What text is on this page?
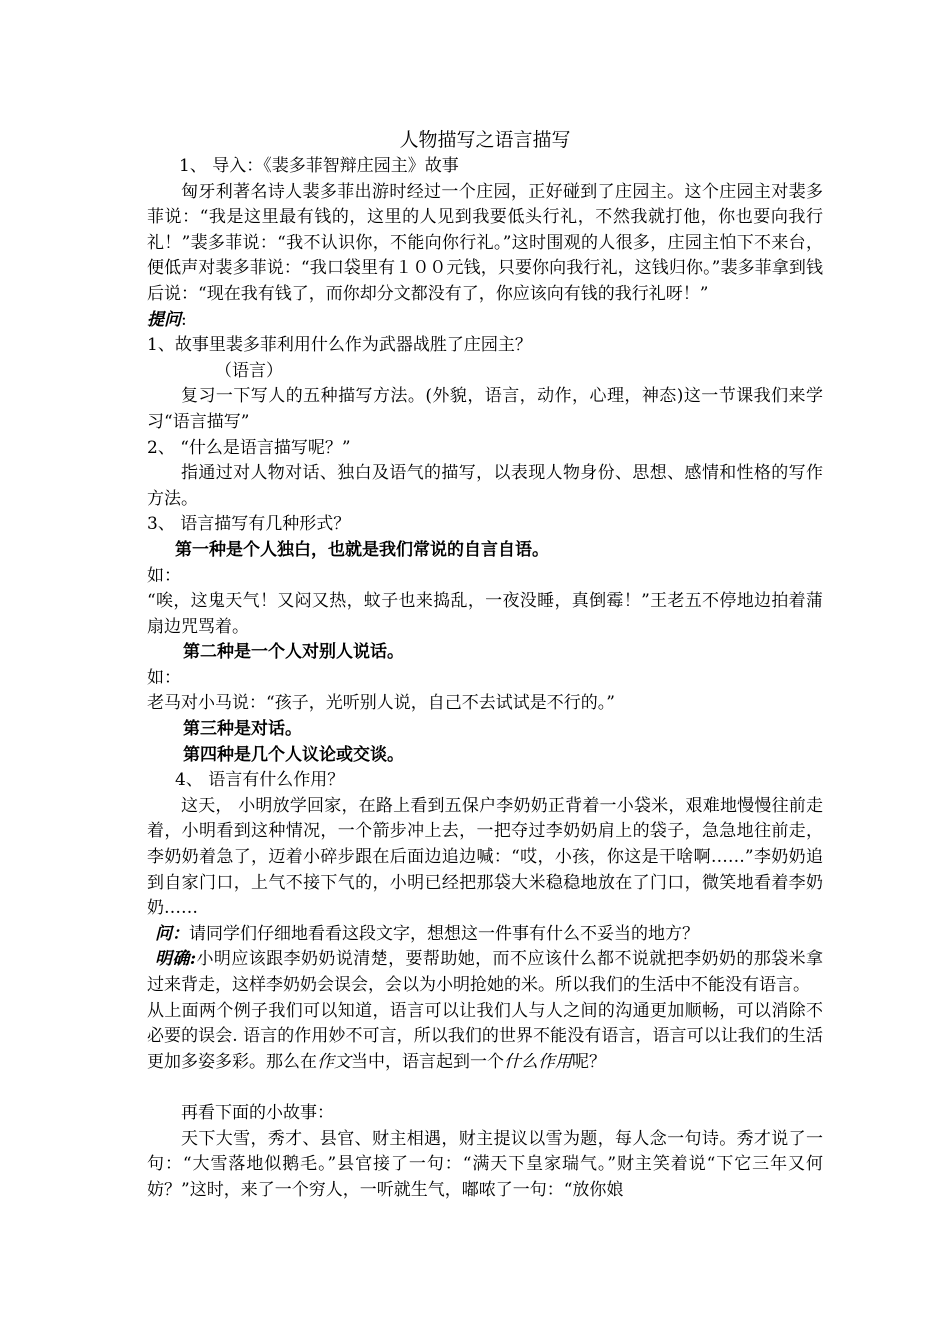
人物描写之语言描写

1、 导入：《裴多菲智辩庄园主》故事

匈牙利著名诗人裴多菲出游时经过一个庄园，正好碰到了庄园主。这个庄园主对裴多菲说：“我是这里最有钱的，这里的人见到我要低头行礼，不然我就打他，你也要向我行礼！”裴多菲说：“我不认识你，不能向你行礼。”这时围观的人很多，庄园主怕下不来台，便低声对裴多菲说：“我口袋里有１００元钱，只要你向我行礼，这钱归你。”裴多菲拿到钱后说：“现在我有钱了，而你却分文都没有了，你应该向有钱的我行礼呀！”

提问:

1、故事里裴多菲利用什么作为武器战胜了庄园主？

（语言）

复习一下写人的五种描写方法。(外貌，语言，动作，心理，神态)这一节课我们来学习“语言描写”

2、 “什么是语言描写呢？”

指通过对人物对话、独白及语气的描写，以表现人物身份、思想、感情和性格的写作方法。

3、 语言描写有几种形式？

第一种是个人独白，也就是我们常说的自言自语。

如：

“唉，这鬼天气！又闷又热，蚊子也来捣乱，一夜没睡，真倒霉！”王老五不停地边拍着蒲扇边咒骂着。

第二种是一个人对别人说话。

如：

老马对小马说：“孩子，光听别人说，自己不去试试是不行的。”

第三种是对话。

第四种是几个人议论或交谈。

4、 语言有什么作用？

这天， 小明放学回家，在路上看到五保户李奶奶正背着一小袋米，艰难地慢慢往前走着，小明看到这种情况，一个箭步冲上去，一把夺过李奶奶肩上的袋子，急急地往前走，李奶奶着急了，迈着小碎步跟在后面边追边喊：“哎，小孩，你这是干啥啊……”李奶奶追到自家门口，上气不接下气的，小明已经把那袋大米稳稳地放在了门口，微笑地看着李奶奶……

问：请同学们仔细地看看这段文字，想想这一件事有什么不妥当的地方？

明确:小明应该跟李奶奶说清楚，要帮助她，而不应该什么都不说就把李奶奶的那袋米拿过来背走，这样李奶奶会误会，会以为小明抢她的米。所以我们的生活中不能没有语言。

从上面两个例子我们可以知道，语言可以让我们人与人之间的沟通更加顺畅，可以消除不必要的误会. 语言的作用妙不可言，所以我们的世界不能没有语言，语言可以让我们的生活更加多姿多彩。那么在作文当中，语言起到一个什么作用呢？

再看下面的小故事：

天下大雪，秀才、县官、财主相遇，财主提议以雪为题，每人念一句诗。秀才说了一句：“大雪落地似鹅毛。”县官接了一句：“满天下皇家瑞气。”财主笑着说“下它三年又何妨？”这时，来了一个穷人，一听就生气，嘟哝了一句：“放你娘
